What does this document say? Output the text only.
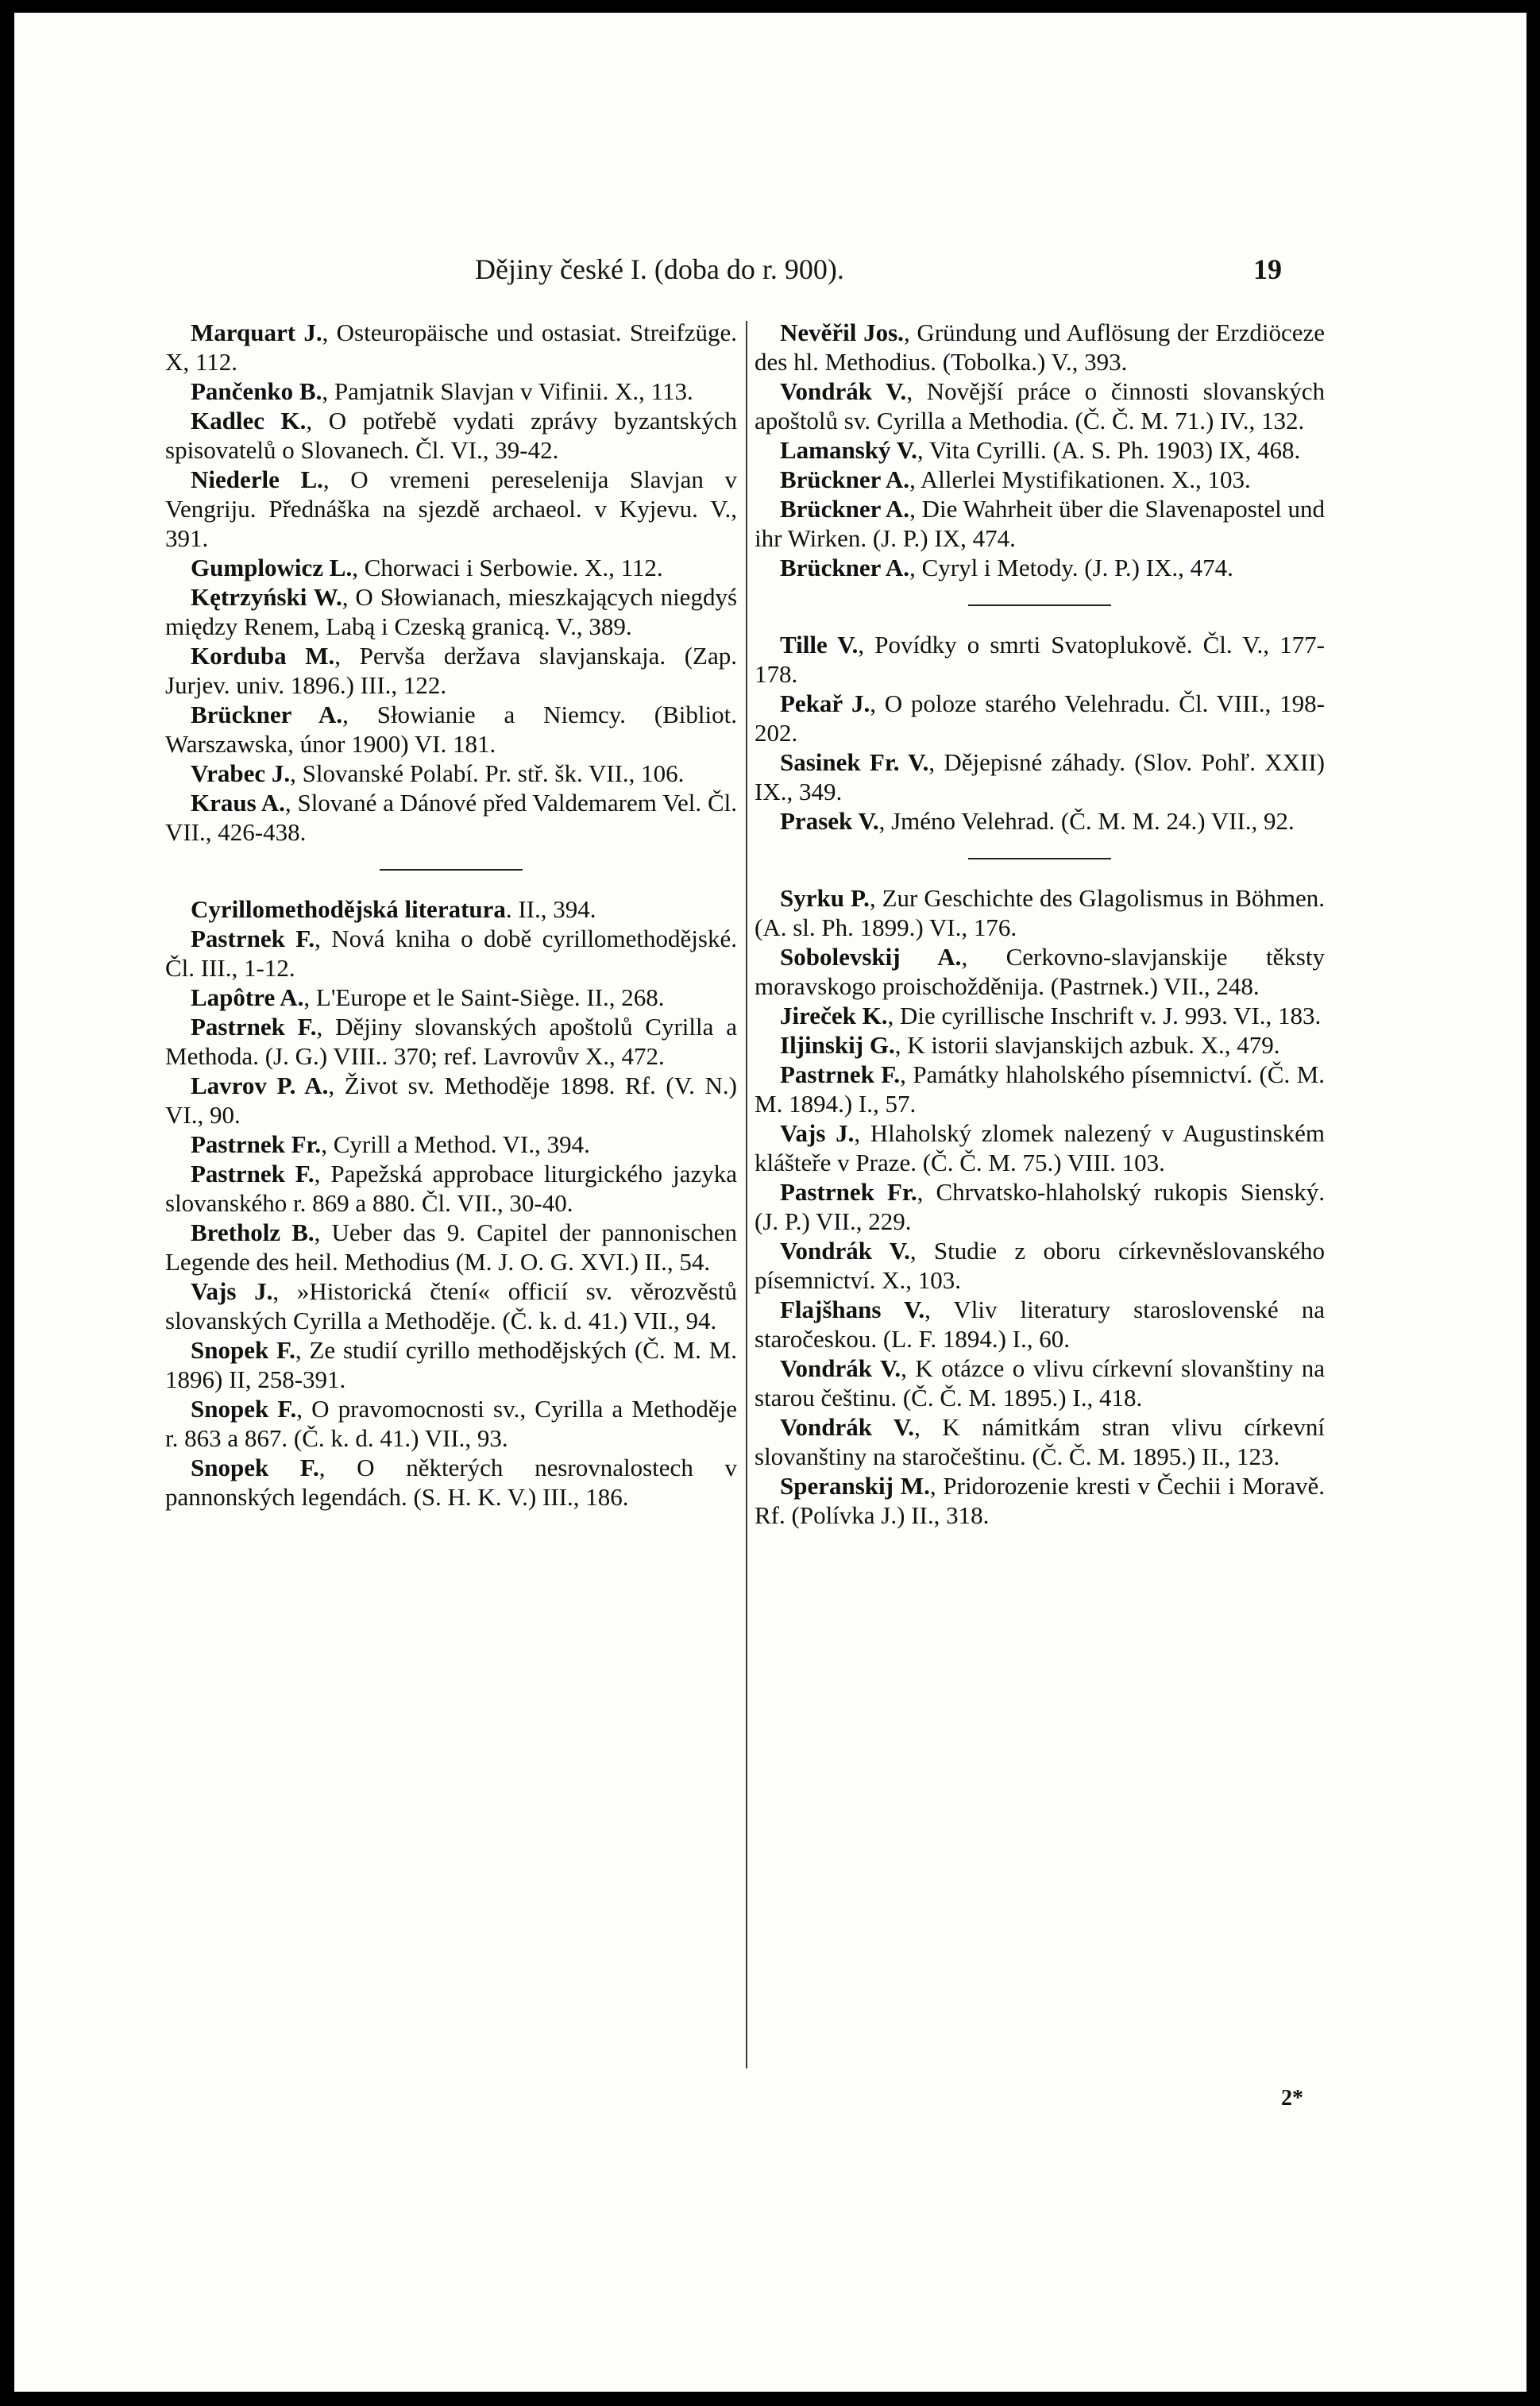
Dějiny české I. (doba do r. 900).	19

Marquart J., Osteuropäische und ostasiat. Streifzüge. X, 112.

Pančenko B., Pamjatnik Slavjan v Vifinii. X., 113.

Kadlec K., O potřebě vydati zprávy byzantských spisovatelů o Slovanech. Čl. VI., 39-42.

Niederle L., O vremeni pereselenija Slavjan v Vengriju. Přednáška na sjezdě archaeol. v Kyjevu. V., 391.

Gumplowicz L., Chorwaci i Serbowie. X., 112.

Kętrzyński W., O Słowianach, mieszkających niegdyś między Renem, Labą i Czeską granicą. V., 389.

Korduba M., Pervša deržava slavjanskaja. (Zap. Jurjev. univ. 1896.) III., 122.

Brückner A., Słowianie a Niemcy. (Bibliot. Warszawska, únor 1900) VI. 181.

Vrabec J., Slovanské Polabí. Pr. stř. šk. VII., 106.

Kraus A., Slované a Dánové před Valdemarem Vel. Čl. VII., 426-438.

Cyrillomethodějská literatura. II., 394.

Pastrnek F., Nová kniha o době cyrillomethodějské. Čl. III., 1-12.

Lapôtre A., L'Europe et le Saint-Siège. II., 268.

Pastrnek F., Dějiny slovanských apoštolů Cyrilla a Methoda. (J. G.) VIII.. 370; ref. Lavrovův X., 472.

Lavrov P. A., Život sv. Methoděje 1898. Rf. (V. N.) VI., 90.

Pastrnek Fr., Cyrill a Method. VI., 394.

Pastrnek F., Papežská approbace liturgického jazyka slovanského r. 869 a 880. Čl. VII., 30-40.

Bretholz B., Ueber das 9. Capitel der pannonischen Legende des heil. Methodius (M. J. O. G. XVI.) II., 54.

Vajs J., »Historická čtení« officií sv. věrozvěstů slovanských Cyrilla a Methoděje. (Č. k. d. 41.) VII., 94.

Snopek F., Ze studií cyrillo methodějských (Č. M. M. 1896) II, 258-391.

Snopek F., O pravomocnosti sv., Cyrilla a Methoděje r. 863 a 867. (Č. k. d. 41.) VII., 93.

Snopek F., O některých nesrovnalostech v pannonských legendách. (S. H. K. V.) III., 186.

Nevěřil Jos., Gründung und Auflösung der Erzdiöceze des hl. Methodius. (Tobolka.) V., 393.

Vondrák V., Novější práce o činnosti slovanských apoštolů sv. Cyrilla a Methodia. (Č. Č. M. 71.) IV., 132.

Lamanský V., Vita Cyrilli. (A. S. Ph. 1903) IX, 468.

Brückner A., Allerlei Mystifikationen. X., 103.

Brückner A., Die Wahrheit über die Slavenapostel und ihr Wirken. (J. P.) IX, 474.

Brückner A., Cyryl i Metody. (J. P.) IX., 474.

Tille V., Povídky o smrti Svatoplukově. Čl. V., 177-178.

Pekař J., O poloze starého Velehradu. Čl. VIII., 198-202.

Sasinek Fr. V., Dějepisné záhady. (Slov. Pohľ. XXII) IX., 349.

Prasek V., Jméno Velehrad. (Č. M. M. 24.) VII., 92.

Syrku P., Zur Geschichte des Glagolismus in Böhmen. (A. sl. Ph. 1899.) VI., 176.

Sobolevskij A., Cerkovno-slavjanskije těksty moravskogo proischožděnija. (Pastrnek.) VII., 248.

Jireček K., Die cyrillische Inschrift v. J. 993. VI., 183.

Iljinskij G., K istorii slavjanskijch azbuk. X., 479.

Pastrnek F., Památky hlaholského písemnictví. (Č. M. M. 1894.) I., 57.

Vajs J., Hlaholský zlomek nalezený v Augustinském klášteře v Praze. (Č. Č. M. 75.) VIII. 103.

Pastrnek Fr., Chrvatsko-hlaholský rukopis Sienský. (J. P.) VII., 229.

Vondrák V., Studie z oboru církevněslovanského písemnictví. X., 103.

Flajšhans V., Vliv literatury staroslovenské na staročeskou. (L. F. 1894.) I., 60.

Vondrák V., K otázce o vlivu církevní slovanštiny na starou češtinu. (Č. Č. M. 1895.) I., 418.

Vondrák V., K námitkám stran vlivu církevní slovanštiny na staročeštinu. (Č. Č. M. 1895.) II., 123.

Speranskij M., Pridorozenie kresti v Čechii i Moravě. Rf. (Polívka J.) II., 318.

2*
